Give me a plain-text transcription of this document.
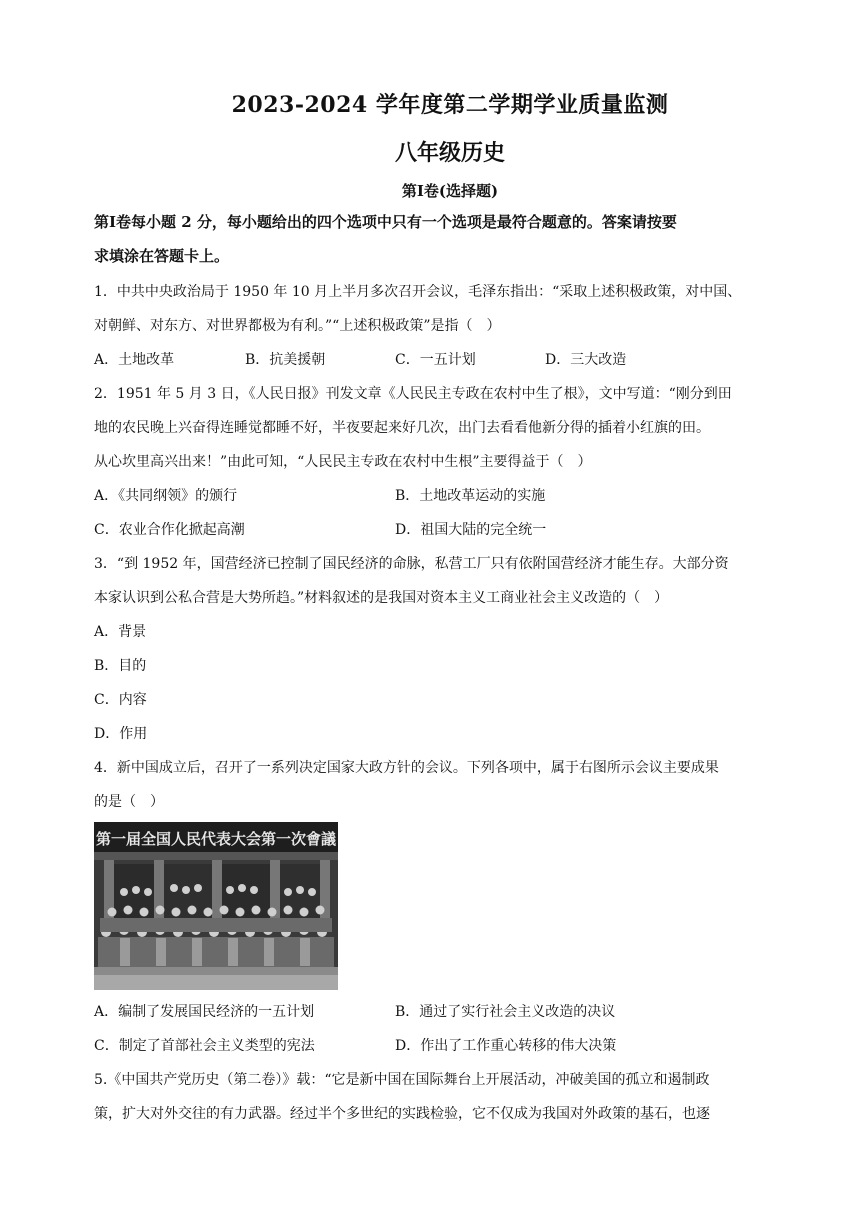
2023-2024 学年度第二学期学业质量监测
八年级历史
第Ⅰ卷(选择题)
第Ⅰ卷每小题 2 分，每小题给出的四个选项中只有一个选项是最符合题意的。答案请按要
求填涂在答题卡上。
1．中共中央政治局于 1950 年 10 月上半月多次召开会议，毛泽东指出：“采取上述积极政策，对中国、
对朝鲜、对东方、对世界都极为有利。”“上述积极政策”是指（　）
A．土地改革	B．抗美援朝	C．一五计划	D．三大改造
2．1951 年 5 月 3 日，《人民日报》刊发文章《人民民主专政在农村中生了根》，文中写道：“刚分到田
地的农民晚上兴奋得连睡觉都睡不好，半夜要起来好几次，出门去看看他新分得的插着小红旗的田。
从心坎里高兴出来！”由此可知，“人民民主专政在农村中生根”主要得益于（　）
A．《共同纲领》的颁行	B．土地改革运动的实施
C．农业合作化掀起高潮	D．祖国大陆的完全统一
3．“到 1952 年，国营经济已控制了国民经济的命脉，私营工厂只有依附国营经济才能生存。大部分资
本家认识到公私合营是大势所趋。”材料叙述的是我国对资本主义工商业社会主义改造的（　）
A．背景
B．目的
C．内容
D．作用
4．新中国成立后，召开了一系列决定国家大政方针的会议。下列各项中，属于右图所示会议主要成果
的是（　）
第一届全国人民代表大会第一次會議
A．编制了发展国民经济的一五计划	B．通过了实行社会主义改造的决议
C．制定了首部社会主义类型的宪法	D．作出了工作重心转移的伟大决策
5.《中国共产党历史（第二卷）》载：“它是新中国在国际舞台上开展活动，冲破美国的孤立和遏制政
策，扩大对外交往的有力武器。经过半个多世纪的实践检验，它不仅成为我国对外政策的基石，也逐
